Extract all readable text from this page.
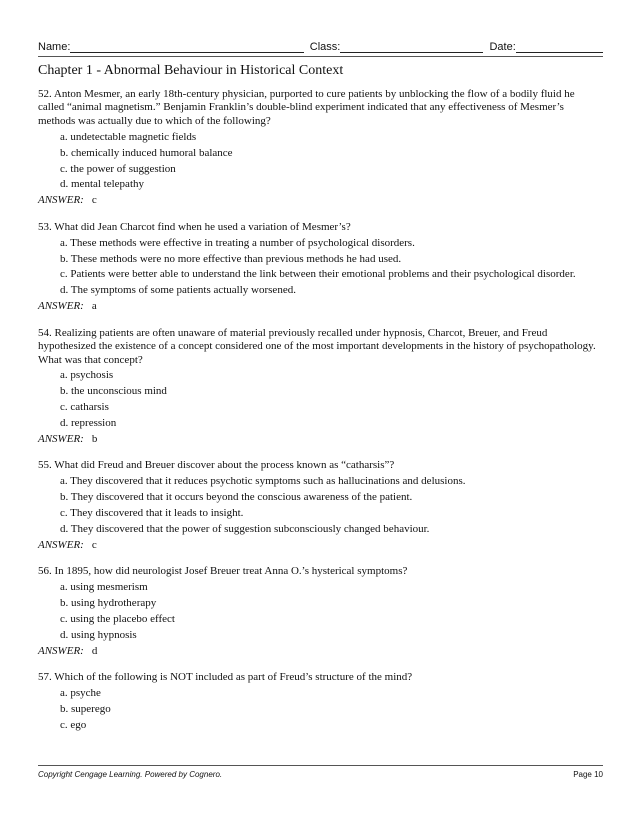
Name:	Class:	Date:
Chapter 1 - Abnormal Behaviour in Historical Context

52. Anton Mesmer, an early 18th-century physician, purported to cure patients by unblocking the flow of a bodily fluid he called “animal magnetism.” Benjamin Franklin’s double-blind experiment indicated that any effectiveness of Mesmer’s methods was actually due to which of the following?

a. undetectable magnetic fields
b. chemically induced humoral balance
c. the power of suggestion
d. mental telepathy
ANSWER: c

53. What did Jean Charcot find when he used a variation of Mesmer’s?

a. These methods were effective in treating a number of psychological disorders.
b. These methods were no more effective than previous methods he had used.
c. Patients were better able to understand the link between their emotional problems and their psychological disorder.
d. The symptoms of some patients actually worsened.
ANSWER: a

54. Realizing patients are often unaware of material previously recalled under hypnosis, Charcot, Breuer, and Freud hypothesized the existence of a concept considered one of the most important developments in the history of psychopathology. What was that concept?

a. psychosis
b. the unconscious mind
c. catharsis
d. repression
ANSWER: b

55. What did Freud and Breuer discover about the process known as “catharsis”?

a. They discovered that it reduces psychotic symptoms such as hallucinations and delusions.
b. They discovered that it occurs beyond the conscious awareness of the patient.
c. They discovered that it leads to insight.
d. They discovered that the power of suggestion subconsciously changed behaviour.
ANSWER: c

56. In 1895, how did neurologist Josef Breuer treat Anna O.’s hysterical symptoms?

a. using mesmerism
b. using hydrotherapy
c. using the placebo effect
d. using hypnosis
ANSWER: d

57. Which of the following is NOT included as part of Freud’s structure of the mind?

a. psyche
b. superego
c. ego
Copyright Cengage Learning. Powered by Cognero.	Page 10
